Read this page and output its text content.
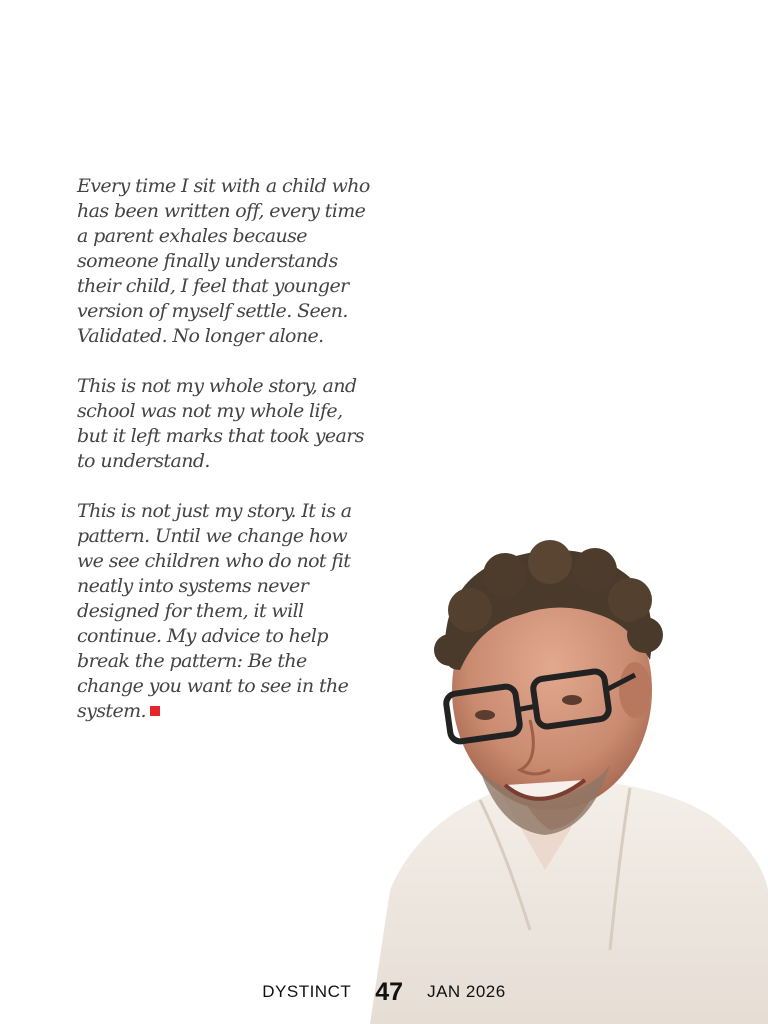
Every time I sit with a child who has been written off, every time a parent exhales because someone finally understands their child, I feel that younger version of myself settle. Seen. Validated. No longer alone.

This is not my whole story, and school was not my whole life, but it left marks that took years to understand.

This is not just my story. It is a pattern. Until we change how we see children who do not fit neatly into systems never designed for them, it will continue. My advice to help break the pattern: Be the change you want to see in the system.

DYSTINCT 47 JAN 2026
